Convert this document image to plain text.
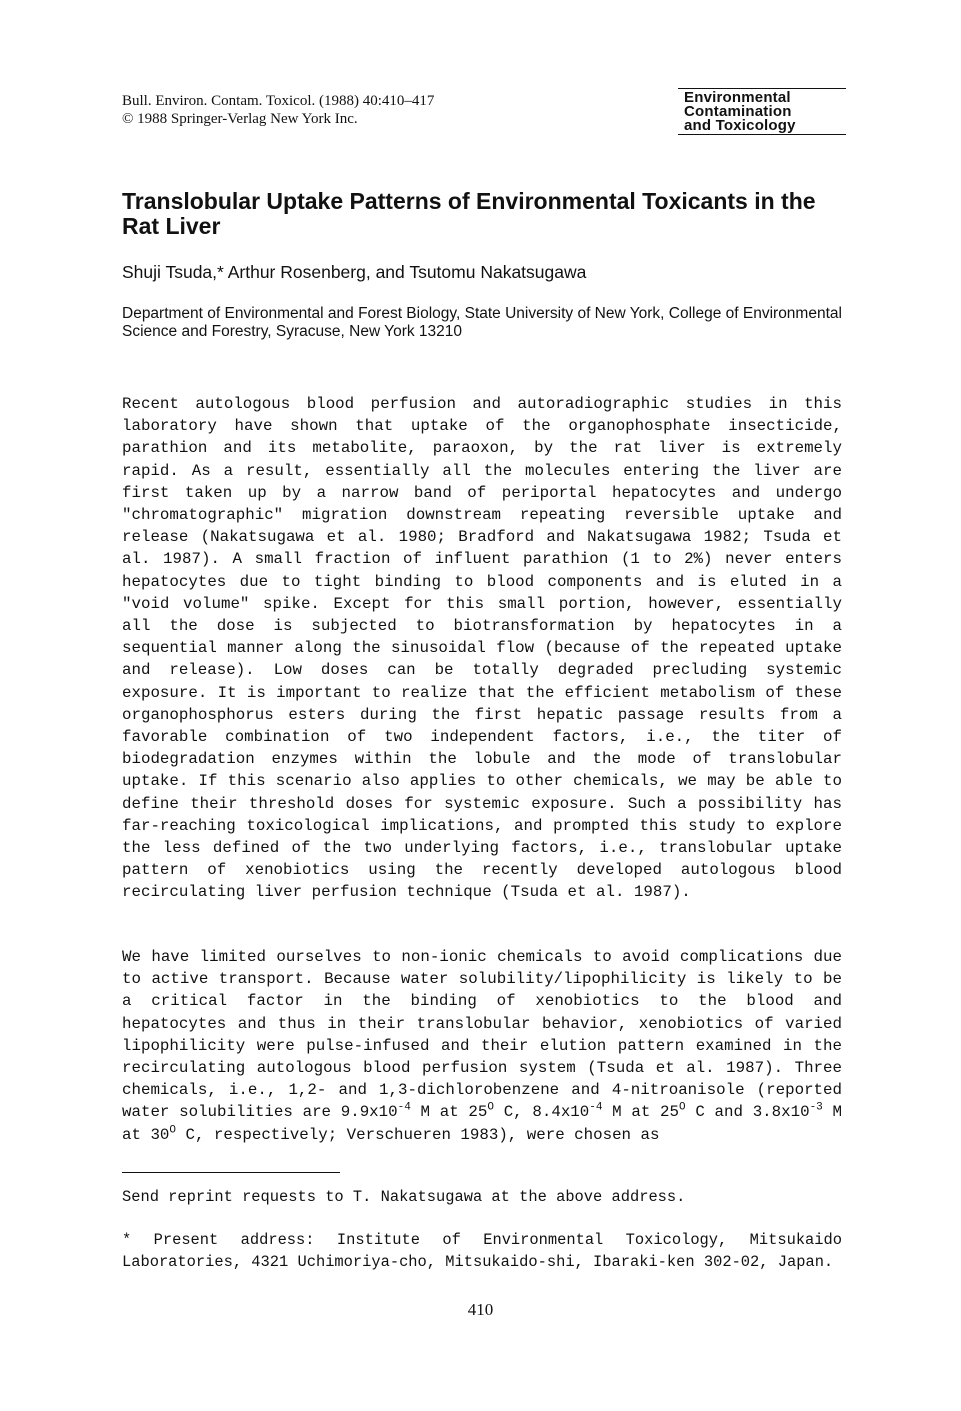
Bull. Environ. Contam. Toxicol. (1988) 40:410–417
© 1988 Springer-Verlag New York Inc.
Environmental
Contamination
and Toxicology
Translobular Uptake Patterns of Environmental Toxicants in the Rat Liver
Shuji Tsuda,* Arthur Rosenberg, and Tsutomu Nakatsugawa
Department of Environmental and Forest Biology, State University of New York, College of Environmental Science and Forestry, Syracuse, New York 13210

Recent autologous blood perfusion and autoradiographic studies in this laboratory have shown that uptake of the organophosphate insecticide, parathion and its metabolite, paraoxon, by the rat liver is extremely rapid. As a result, essentially all the molecules entering the liver are first taken up by a narrow band of periportal hepatocytes and undergo "chromatographic" migration downstream repeating reversible uptake and release (Nakatsugawa et al. 1980; Bradford and Nakatsugawa 1982; Tsuda et al. 1987). A small fraction of influent parathion (1 to 2%) never enters hepatocytes due to tight binding to blood components and is eluted in a "void volume" spike. Except for this small portion, however, essentially all the dose is subjected to biotransformation by hepatocytes in a sequential manner along the sinusoidal flow (because of the repeated uptake and release). Low doses can be totally degraded precluding systemic exposure. It is important to realize that the efficient metabolism of these organophosphorus esters during the first hepatic passage results from a favorable combination of two independent factors, i.e., the titer of biodegradation enzymes within the lobule and the mode of translobular uptake. If this scenario also applies to other chemicals, we may be able to define their threshold doses for systemic exposure. Such a possibility has far-reaching toxicological implications, and prompted this study to explore the less defined of the two underlying factors, i.e., translobular uptake pattern of xenobiotics using the recently developed autologous blood recirculating liver perfusion technique (Tsuda et al. 1987).

We have limited ourselves to non-ionic chemicals to avoid complications due to active transport. Because water solubility/lipophilicity is likely to be a critical factor in the binding of xenobiotics to the blood and hepatocytes and thus in their translobular behavior, xenobiotics of varied lipophilicity were pulse-infused and their elution pattern examined in the recirculating autologous blood perfusion system (Tsuda et al. 1987). Three chemicals, i.e., 1,2- and 1,3-dichlorobenzene and 4-nitroanisole (reported water solubilities are $9.9x10^{-4}$ M at $25^O$ C, $8.4x10^{-4}$ M at $25^O$ C and $3.8x10^{-3}$ M at $30^O$ C, respectively; Verschueren 1983), were chosen as

Send reprint requests to T. Nakatsugawa at the above address.
* Present address: Institute of Environmental Toxicology, Mitsukaido Laboratories, 4321 Uchimoriya-cho, Mitsukaido-shi, Ibaraki-ken 302-02, Japan.
410
